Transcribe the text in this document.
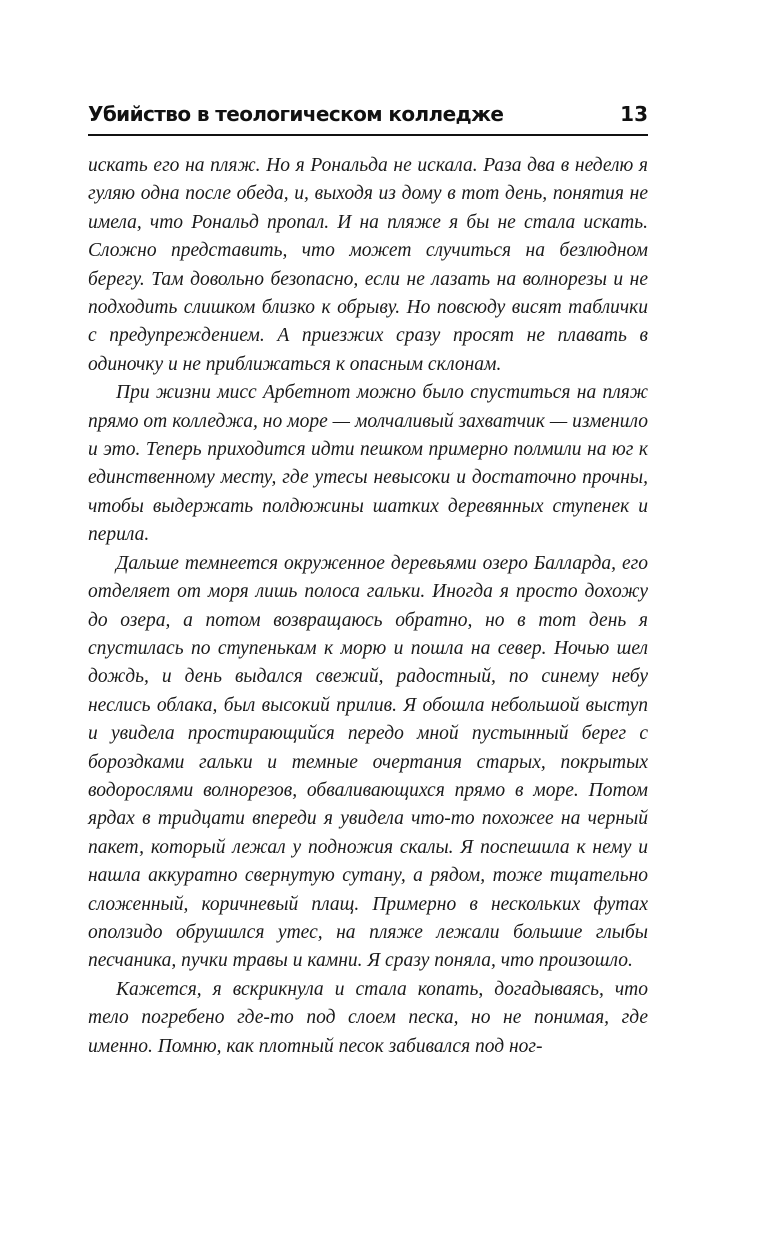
Убийство в теологическом колледже	13

искать его на пляж. Но я Рональда не искала. Раза два в неделю я гуляю одна после обеда, и, выходя из дому в тот день, понятия не имела, что Рональд пропал. И на пляже я бы не стала искать. Сложно представить, что может случиться на безлюдном берегу. Там довольно безопасно, если не лазать на волнорезы и не подходить слишком близко к обрыву. Но повсюду висят таблички с предупреждением. А приезжих сразу просят не плавать в одиночку и не приближаться к опасным склонам.

При жизни мисс Арбетнот можно было спуститься на пляж прямо от колледжа, но море — молчаливый захватчик — изменило и это. Теперь приходится идти пешком примерно полмили на юг к единственному месту, где утесы невысоки и достаточно прочны, чтобы выдержать полдюжины шатких деревянных ступенек и перила.

Дальше темнеется окруженное деревьями озеро Балларда, его отделяет от моря лишь полоса гальки. Иногда я просто дохожу до озера, а потом возвращаюсь обратно, но в тот день я спустилась по ступенькам к морю и пошла на север. Ночью шел дождь, и день выдался свежий, радостный, по синему небу неслись облака, был высокий прилив. Я обошла небольшой выступ и увидела простирающийся передо мной пустынный берег с бороздками гальки и темные очертания старых, покрытых водорослями волнорезов, обваливающихся прямо в море. Потом ярдах в тридцати впереди я увидела что-то похожее на черный пакет, который лежал у подножия скалы. Я поспешила к нему и нашла аккуратно свернутую сутану, а рядом, тоже тщательно сложенный, коричневый плащ. Примерно в нескольких футах оползидо обрушился утес, на пляже лежали большие глыбы песчаника, пучки травы и камни. Я сразу поняла, что произошло.

Кажется, я вскрикнула и стала копать, догадываясь, что тело погребено где-то под слоем песка, но не понимая, где именно. Помню, как плотный песок забивался под ног-
